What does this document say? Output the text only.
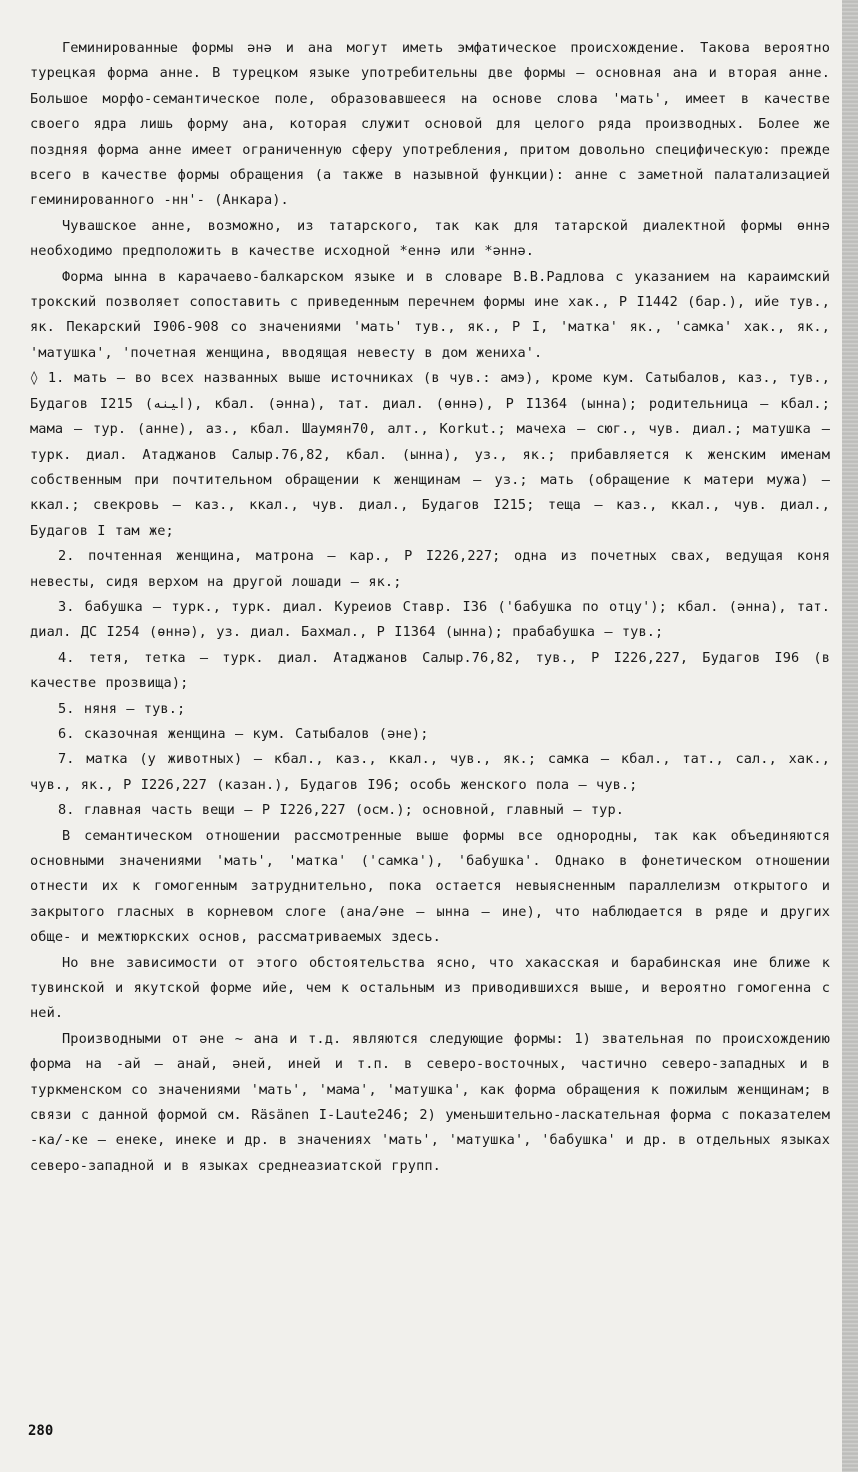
Геминированные формы əнə и ана могут иметь эмфатическое происхождение. Такова вероятно турецкая форма анне. В турецком языке употребительны две формы – основная ана и вторая анне. Большое морфо-семантическое поле, образовавшееся на основе слова 'мать', имеет в качестве своего ядра лишь форму ана, которая служит основой для целого ряда производных. Более же поздняя форма анне имеет ограниченную сферу употребления, притом довольно специфическую: прежде всего в качестве формы обращения (а также в назывной функции): анне с заметной палатализацией геминированного -нн'- (Анкара).

Чувашское анне, возможно, из татарского, так как для татарской диалектной формы өннә необходимо предположить в качестве исходной *еннә или *әннә.

Форма ынна в карачаево-балкарском языке и в словаре В.В.Радлова с указанием на караимский трокский позволяет сопоставить с приведенным перечнем формы ине хак., Р I1442 (бар.), ийе тув., як. Пекарский I906-908 со значениями 'мать' тув., як., Р I, 'матка' як., 'самка' хак., як., 'матушка', 'почетная женщина, вводящая невесту в дом жениха'.

◊ 1. мать – во всех названных выше источниках (в чув.: амэ), кроме кум. Сатыбалов, каз., тув., Будагов I215 (ﺍﻴﻨﻪ), кбал. (əнна), тат. диал. (өннә), Р I1364 (ынна); родительница – кбал.; мама – тур. (анне), аз., кбал. Шаумян70, алт., Korkut.; мачеха – сюг., чув. диал.; матушка – турк. диал. Атаджанов Салыр.76,82, кбал. (ынна), уз., як.; прибавляется к женским именам собственным при почтительном обращении к женщинам – уз.; мать (обращение к матери мужа) – ккал.; свекровь – каз., ккал., чув. диал., Будагов I215; теща – каз., ккал., чув. диал., Будагов I там же;

2. почтенная женщина, матрона – кар., Р I226,227; одна из почетных свах, ведущая коня невесты, сидя верхом на другой лошади – як.;

3. бабушка – турк., турк. диал. Куреиов Ставр. I36 ('бабушка по отцу'); кбал. (əнна), тат. диал. ДС I254 (өннә), уз. диал. Бахмал., Р I1364 (ынна); прабабушка – тув.;

4. тетя, тетка – турк. диал. Атаджанов Салыр.76,82, тув., Р I226,227, Будагов I96 (в качестве прозвища);

5. няня – тув.;

6. сказочная женщина – кум. Сатыбалов (əне);

7. матка (у животных) – кбал., каз., ккал., чув., як.; самка – кбал., тат., сал., хак., чув., як., Р I226,227 (казан.), Будагов I96; особь женского пола – чув.;

8. главная часть вещи – Р I226,227 (осм.); основной, главный – тур.

В семантическом отношении рассмотренные выше формы все однородны, так как объединяются основными значениями 'мать', 'матка' ('самка'), 'бабушка'. Однако в фонетическом отношении отнести их к гомогенным затруднительно, пока остается невыясненным параллелизм открытого и закрытого гласных в корневом слоге (ана/əне – ынна – ине), что наблюдается в ряде и других обще- и межтюркских основ, рассматриваемых здесь.

Но вне зависимости от этого обстоятельства ясно, что хакасская и барабинская ине ближе к тувинской и якутской форме ийе, чем к остальным из приводившихся выше, и вероятно гомогенна с ней.

Производными от əне ~ ана и т.д. являются следующие формы: 1) звательная по происхождению форма на -ай – анай, əней, иней и т.п. в северо-восточных, частично северо-западных и в туркменском со значениями 'мать', 'мама', 'матушка', как форма обращения к пожилым женщинам; в связи с данной формой см. Räsänen I-Laute246; 2) уменьшительно-ласкательная форма с показателем -ка/-ке – енеке, инеке и др. в значениях 'мать', 'матушка', 'бабушка' и др. в отдельных языках северо-западной и в языках среднеазиатской групп.

280
